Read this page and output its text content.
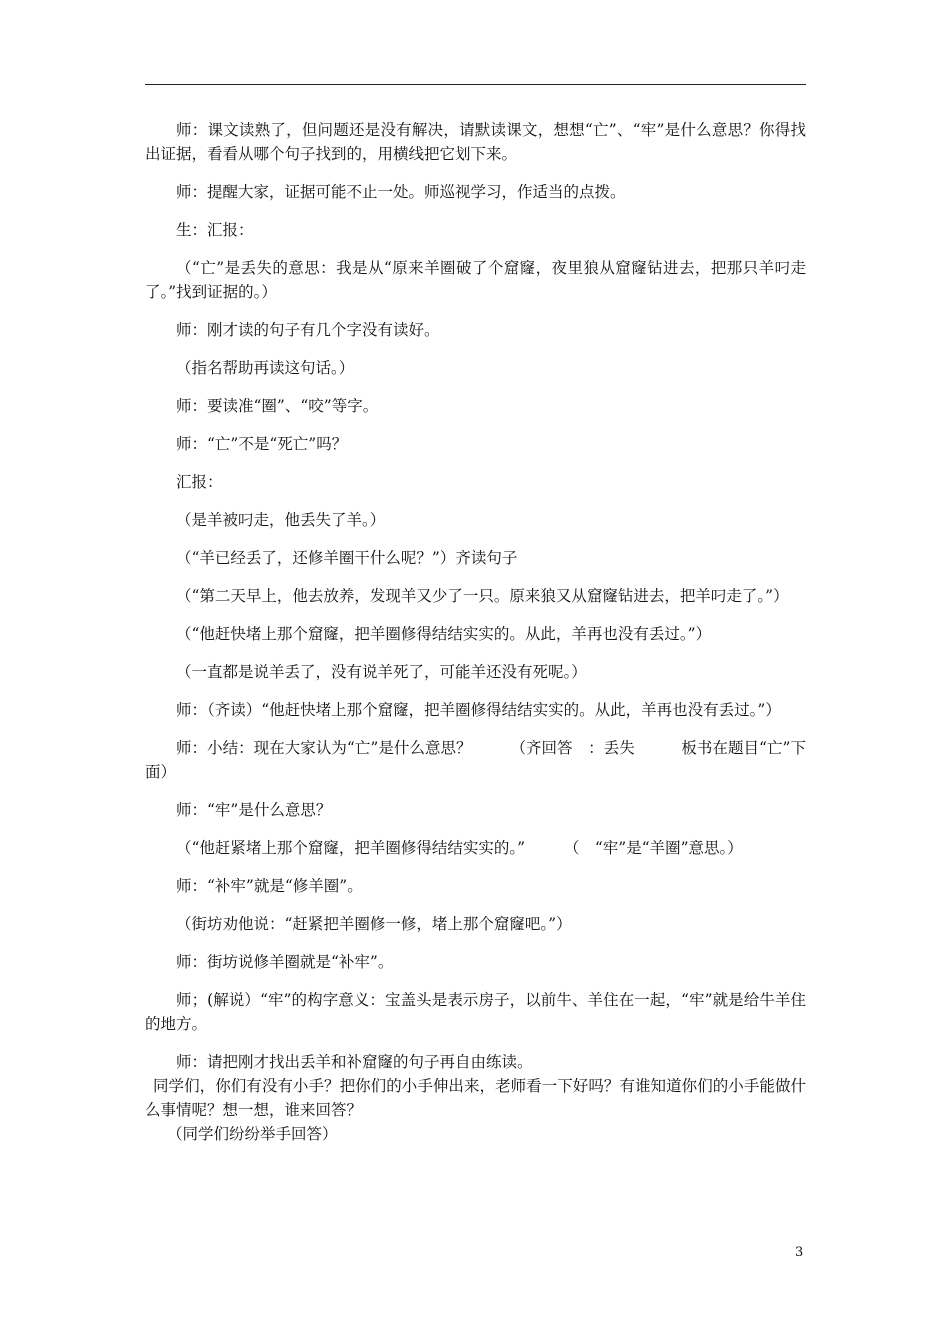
师：课文读熟了，但问题还是没有解决，请默读课文，想想“亡”、“牢”是什么意思？你得找出证据，看看从哪个句子找到的，用横线把它划下来。

师：提醒大家，证据可能不止一处。师巡视学习，作适当的点拨。

生：汇报：

（“亡”是丢失的意思：我是从“原来羊圈破了个窟窿，夜里狼从窟窿钻进去，把那只羊叼走了。”找到证据的。）

师：刚才读的句子有几个字没有读好。

（指名帮助再读这句话。）

师：要读准“圈”、“咬”等字。

师：“亡”不是“死亡”吗？

汇报：

（是羊被叼走，他丢失了羊。）

（“羊已经丢了，还修羊圈干什么呢？”）齐读句子

（“第二天早上，他去放养，发现羊又少了一只。原来狼又从窟窿钻进去，把羊叼走了。”）

（“他赶快堵上那个窟窿，把羊圈修得结结实实的。从此，羊再也没有丢过。”）

（一直都是说羊丢了，没有说羊死了，可能羊还没有死呢。）

师：（齐读）“他赶快堵上那个窟窿，把羊圈修得结结实实的。从此，羊再也没有丢过。”）

师：小结：现在大家认为“亡”是什么意思？　　　（齐回答　：丢失　　　板书在题目“亡”下面）

师：“牢”是什么意思？

（“他赶紧堵上那个窟窿，把羊圈修得结结实实的。”　　　（　“牢”是“羊圈”意思。）

师：“补牢”就是“修羊圈”。

（街坊劝他说：“赶紧把羊圈修一修，堵上那个窟窿吧。”）

师：街坊说修羊圈就是“补牢”。

师；(解说）“牢”的构字意义：宝盖头是表示房子，以前牛、羊住在一起，“牢”就是给牛羊住的地方。

师：请把刚才找出丢羊和补窟窿的句子再自由练读。

同学们，你们有没有小手？把你们的小手伸出来，老师看一下好吗？有谁知道你们的小手能做什么事情呢？想一想，谁来回答？

（同学们纷纷举手回答）

3
